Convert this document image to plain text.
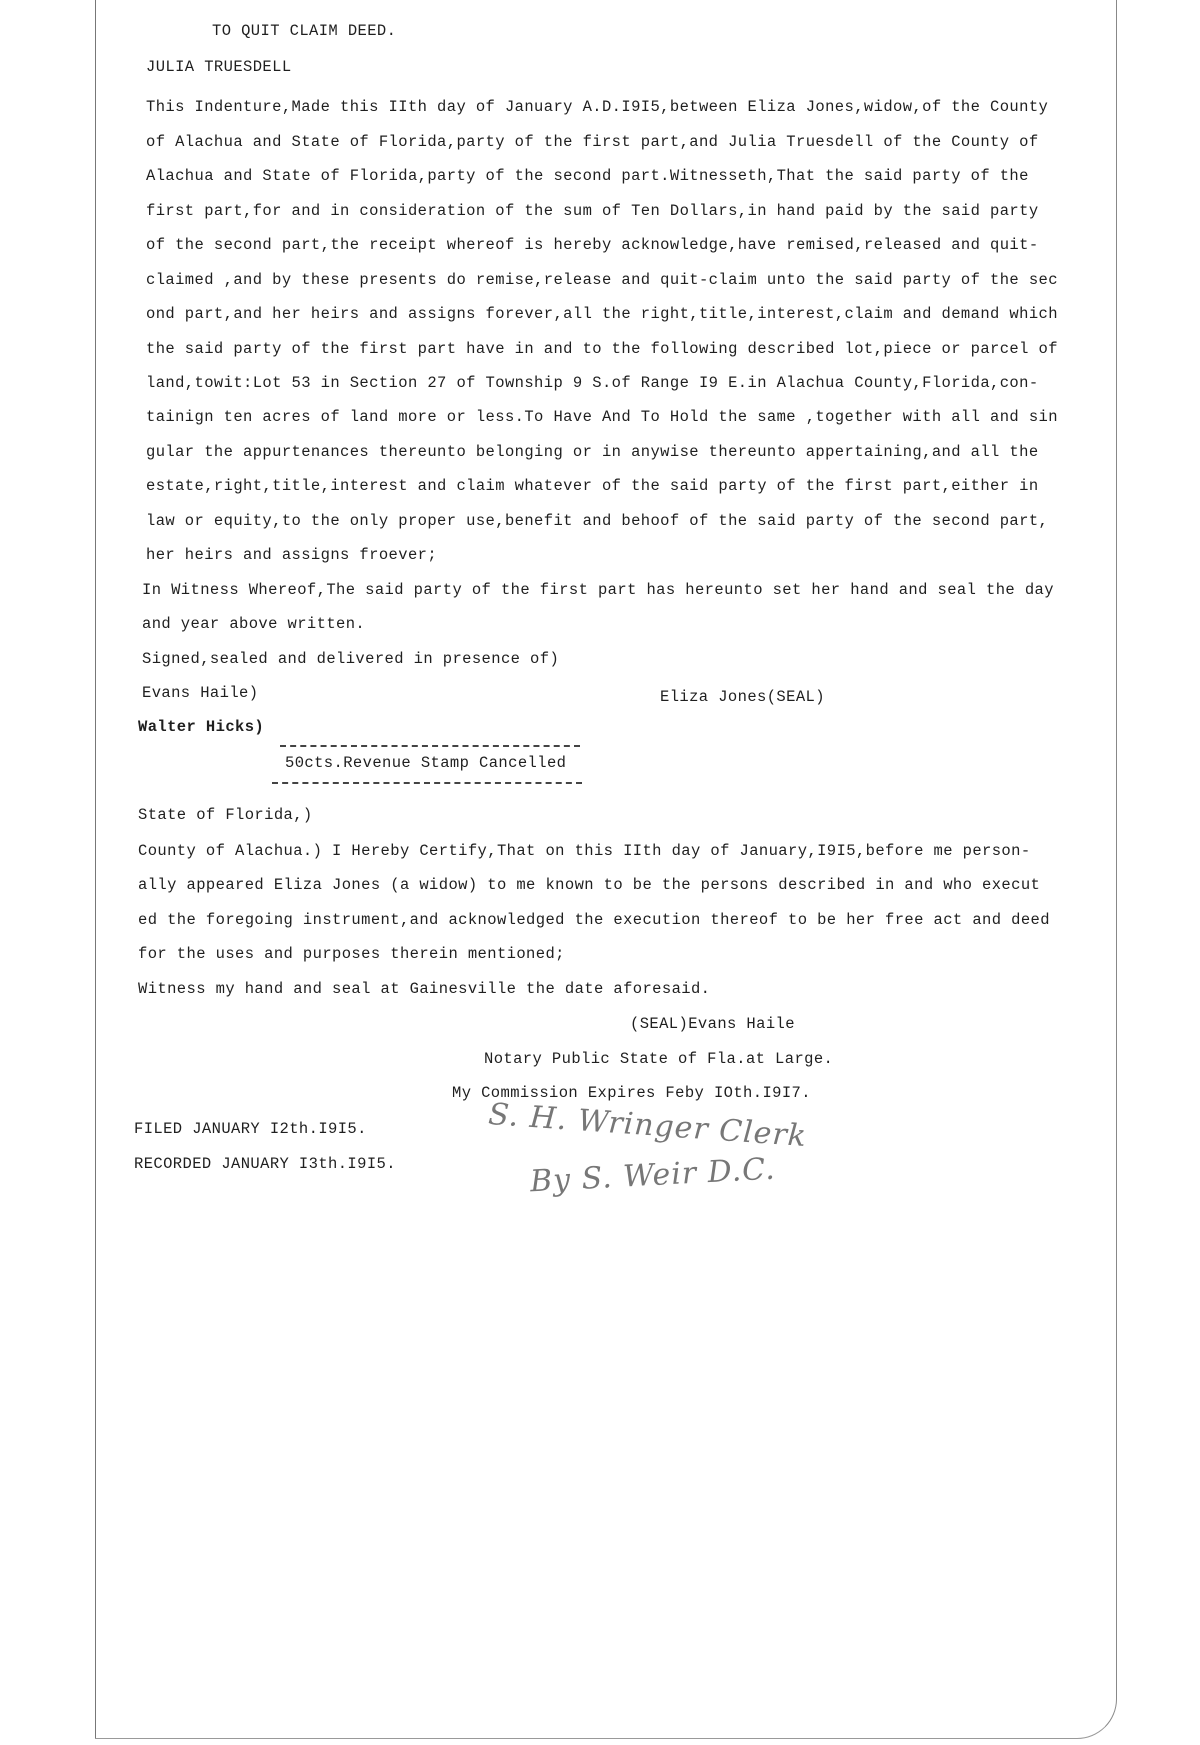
TO QUIT CLAIM DEED.
JULIA TRUESDELL
This Indenture,Made this IIth day of January A.D.I9I5,between Eliza Jones,widow,of the County
of Alachua and State of Florida,party of the first part,and Julia Truesdell of the County of
Alachua and State of Florida,party of the second part.Witnesseth,That the said party of the
first part,for and in consideration of the sum of Ten Dollars,in hand paid by the said party
of the second part,the receipt whereof is hereby acknowledge,have remised,released and quit-
claimed ,and by these presents do remise,release and quit-claim unto the said party of the sec
ond part,and her heirs and assigns forever,all the right,title,interest,claim and demand which
the said party of the first part have in and to the following described lot,piece or parcel of
land,towit:Lot 53 in Section 27 of Township 9 S.of Range I9 E.in Alachua County,Florida,con-
tainign ten acres of land more or less.To Have And To Hold the same ,together with all and sin
gular the appurtenances thereunto belonging or in anywise thereunto appertaining,and all the
estate,right,title,interest and claim whatever of the said party of the first part,either in
law or equity,to the only proper use,benefit and behoof of the said party of the second part,
her heirs and assigns froever;
In Witness Whereof,The said party of the first part has hereunto set her hand and seal the day
and year above written.
Signed,sealed and delivered in presence of)
Evans Haile)	Eliza Jones(SEAL)
Walter Hicks)
50cts.Revenue Stamp Cancelled
State of Florida,)
County of Alachua.) I Hereby Certify,That on this IIth day of January,I9I5,before me person-
ally appeared Eliza Jones (a widow) to me known to be the persons described in and who execut
ed the foregoing instrument,and acknowledged the execution thereof to be her free act and deed
for the uses and purposes therein mentioned;
Witness my hand and seal at Gainesville the date aforesaid.
(SEAL)Evans Haile
Notary Public State of Fla.at Large.
My Commission Expires Feby IOth.I9I7.
FILED JANUARY I2th.I9I5.
RECORDED JANUARY I3th.I9I5.
S. H. Wringer Clerk
By S. Weir D.C.
